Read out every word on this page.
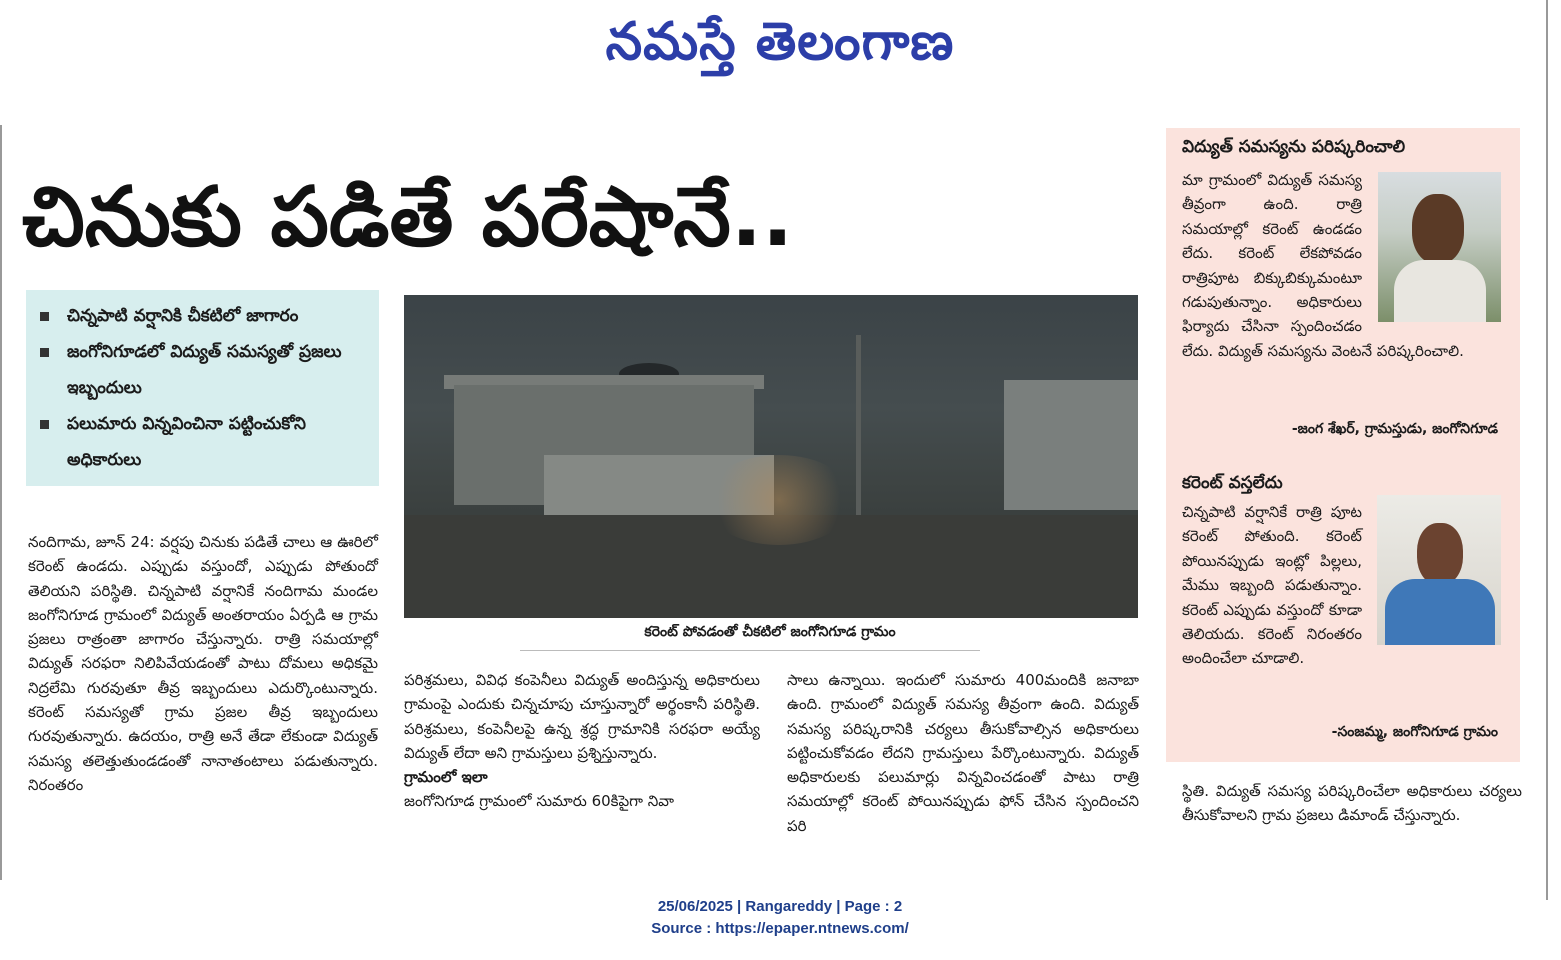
నమస్తే తెలంగాణ
చినుకు పడితే పరేషానే..
చిన్నపాటి వర్షానికి చీకటిలో జాగారం
జంగోనిగూడలో విద్యుత్ సమస్యతో ప్రజలు ఇబ్బందులు
పలుమారు విన్నవించినా పట్టించుకోని అధికారులు
కరెంట్ పోవడంతో చీకటిలో జంగోనిగూడ గ్రామం

నందిగామ, జూన్ 24: వర్షపు చినుకు పడితే చాలు ఆ ఊరిలో కరెంట్ ఉండదు. ఎప్పుడు వస్తుందో, ఎప్పుడు పోతుందో తెలియని పరిస్థితి. చిన్నపాటి వర్షానికే నందిగామ మండల జంగోనిగూడ గ్రామంలో విద్యుత్ అంతరాయం ఏర్పడి ఆ గ్రామ ప్రజలు రాత్రంతా జాగారం చేస్తున్నారు. రాత్రి సమయాల్లో విద్యుత్ సరఫరా నిలిపివేయడంతో పాటు దోమలు అధికమై నిద్రలేమి గురవుతూ తీవ్ర ఇబ్బందులు ఎదుర్కొంటున్నారు. కరెంట్ సమస్యతో గ్రామ ప్రజల తీవ్ర ఇబ్బందులు గురవుతున్నారు. ఉదయం, రాత్రి అనే తేడా లేకుండా విద్యుత్ సమస్య తలెత్తుతుండడంతో నానాతంటాలు పడుతున్నారు. నిరంతరం

పరిశ్రమలు, వివిధ కంపెనీలు విద్యుత్ అందిస్తున్న అధికారులు గ్రామంపై ఎందుకు చిన్నచూపు చూస్తున్నారో అర్థంకానీ పరిస్థితి. పరిశ్రమలు, కంపెనీలపై ఉన్న శ్రద్ధ గ్రామానికి సరఫరా అయ్యే విద్యుత్ లేదా అని గ్రామస్తులు ప్రశ్నిస్తున్నారు.
గ్రామంలో ఇలా
జంగోనిగూడ గ్రామంలో సుమారు 60కిపైగా నివా

సాలు ఉన్నాయి. ఇందులో సుమారు 400మందికి జనాబా ఉంది. గ్రామంలో విద్యుత్ సమస్య తీవ్రంగా ఉంది. విద్యుత్ సమస్య పరిష్కరానికి చర్యలు తీసుకోవాల్సిన అధికారులు పట్టించుకోవడం లేదని గ్రామస్తులు పేర్కొంటున్నారు. విద్యుత్ అధికారులకు పలుమార్లు విన్నవించడంతో పాటు రాత్రి సమయాల్లో కరెంట్ పోయినప్పుడు ఫోన్ చేసిన స్పందించని పరి

విద్యుత్ సమస్యను పరిష్కరించాలి

మా గ్రామంలో విద్యుత్ సమస్య తీవ్రంగా ఉంది. రాత్రి సమయాల్లో కరెంట్ ఉండడం లేదు. కరెంట్ లేకపోవడం రాత్రిపూట బిక్కుబిక్కుమంటూ గడుపుతున్నాం. అధికారులు ఫిర్యాదు చేసినా స్పందించడం లేదు. విద్యుత్ సమస్యను వెంటనే పరిష్కరించాలి.

-జంగ శేఖర్, గ్రామస్తుడు, జంగోనిగూడ
కరెంట్ వస్తలేదు

చిన్నపాటి వర్షానికే రాత్రి పూట కరెంట్ పోతుంది. కరెంట్ పోయినప్పుడు ఇంట్లో పిల్లలు, మేము ఇబ్బంది పడుతున్నాం. కరెంట్ ఎప్పుడు వస్తుందో కూడా తెలియదు. కరెంట్ నిరంతరం అందించేలా చూడాలి.

-సంజమ్మ, జంగోనిగూడ గ్రామం

స్థితి. విద్యుత్ సమస్య పరిష్కరించేలా అధికారులు చర్యలు తీసుకోవాలని గ్రామ ప్రజలు డిమాండ్ చేస్తున్నారు.

25/06/2025 | Rangareddy | Page : 2
Source : https://epaper.ntnews.com/
